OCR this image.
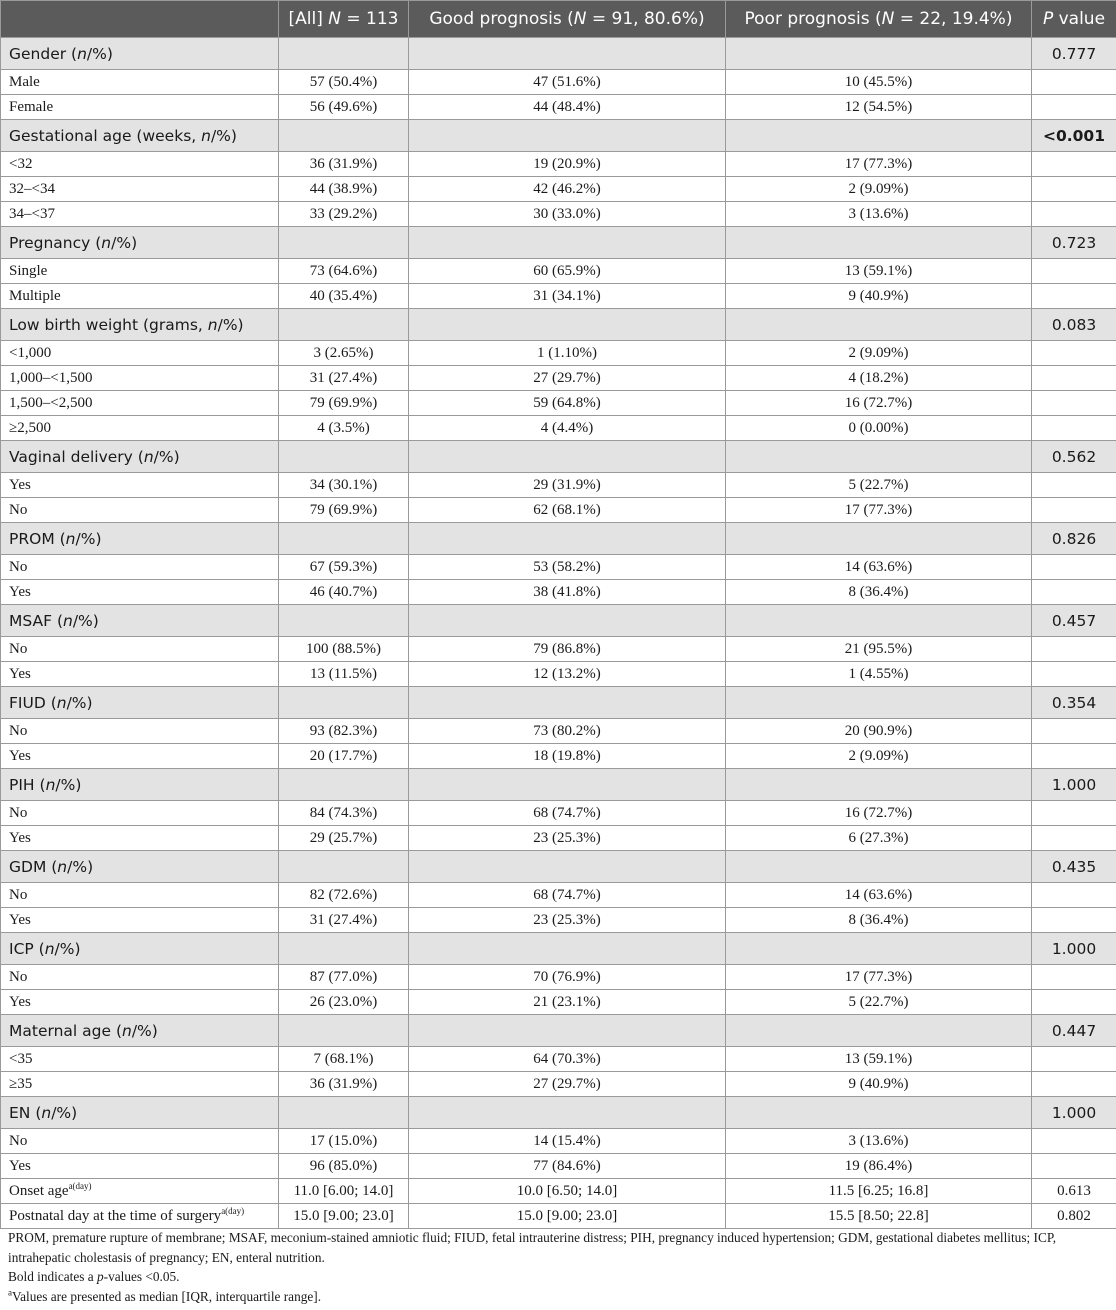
	[All] N = 113	Good prognosis (N = 91, 80.6%)	Poor prognosis (N = 22, 19.4%)	P value
Gender (n/%)				0.777
Male	57 (50.4%)	47 (51.6%)	10 (45.5%)	
Female	56 (49.6%)	44 (48.4%)	12 (54.5%)	
Gestational age (weeks, n/%)				<0.001
<32	36 (31.9%)	19 (20.9%)	17 (77.3%)	
32–<34	44 (38.9%)	42 (46.2%)	2 (9.09%)	
34–<37	33 (29.2%)	30 (33.0%)	3 (13.6%)	
Pregnancy (n/%)				0.723
Single	73 (64.6%)	60 (65.9%)	13 (59.1%)	
Multiple	40 (35.4%)	31 (34.1%)	9 (40.9%)	
Low birth weight (grams, n/%)				0.083
<1,000	3 (2.65%)	1 (1.10%)	2 (9.09%)	
1,000–<1,500	31 (27.4%)	27 (29.7%)	4 (18.2%)	
1,500–<2,500	79 (69.9%)	59 (64.8%)	16 (72.7%)	
≥2,500	4 (3.5%)	4 (4.4%)	0 (0.00%)	
Vaginal delivery (n/%)				0.562
Yes	34 (30.1%)	29 (31.9%)	5 (22.7%)	
No	79 (69.9%)	62 (68.1%)	17 (77.3%)	
PROM (n/%)				0.826
No	67 (59.3%)	53 (58.2%)	14 (63.6%)	
Yes	46 (40.7%)	38 (41.8%)	8 (36.4%)	
MSAF (n/%)				0.457
No	100 (88.5%)	79 (86.8%)	21 (95.5%)	
Yes	13 (11.5%)	12 (13.2%)	1 (4.55%)	
FIUD (n/%)				0.354
No	93 (82.3%)	73 (80.2%)	20 (90.9%)	
Yes	20 (17.7%)	18 (19.8%)	2 (9.09%)	
PIH (n/%)				1.000
No	84 (74.3%)	68 (74.7%)	16 (72.7%)	
Yes	29 (25.7%)	23 (25.3%)	6 (27.3%)	
GDM (n/%)				0.435
No	82 (72.6%)	68 (74.7%)	14 (63.6%)	
Yes	31 (27.4%)	23 (25.3%)	8 (36.4%)	
ICP (n/%)				1.000
No	87 (77.0%)	70 (76.9%)	17 (77.3%)	
Yes	26 (23.0%)	21 (23.1%)	5 (22.7%)	
Maternal age (n/%)				0.447
<35	7 (68.1%)	64 (70.3%)	13 (59.1%)	
≥35	36 (31.9%)	27 (29.7%)	9 (40.9%)	
EN (n/%)				1.000
No	17 (15.0%)	14 (15.4%)	3 (13.6%)	
Yes	96 (85.0%)	77 (84.6%)	19 (86.4%)	
Onset age$^{a(day)}$	11.0 [6.00; 14.0]	10.0 [6.50; 14.0]	11.5 [6.25; 16.8]	0.613
Postnatal day at the time of surgery$^{a(day)}$	15.0 [9.00; 23.0]	15.0 [9.00; 23.0]	15.5 [8.50; 22.8]	0.802

PROM, premature rupture of membrane; MSAF, meconium-stained amniotic fluid; FIUD, fetal intrauterine distress; PIH, pregnancy induced hypertension; GDM, gestational diabetes mellitus; ICP, intrahepatic cholestasis of pregnancy; EN, enteral nutrition.

Bold indicates a p-values <0.05.

$^a$Values are presented as median [IQR, interquartile range].
